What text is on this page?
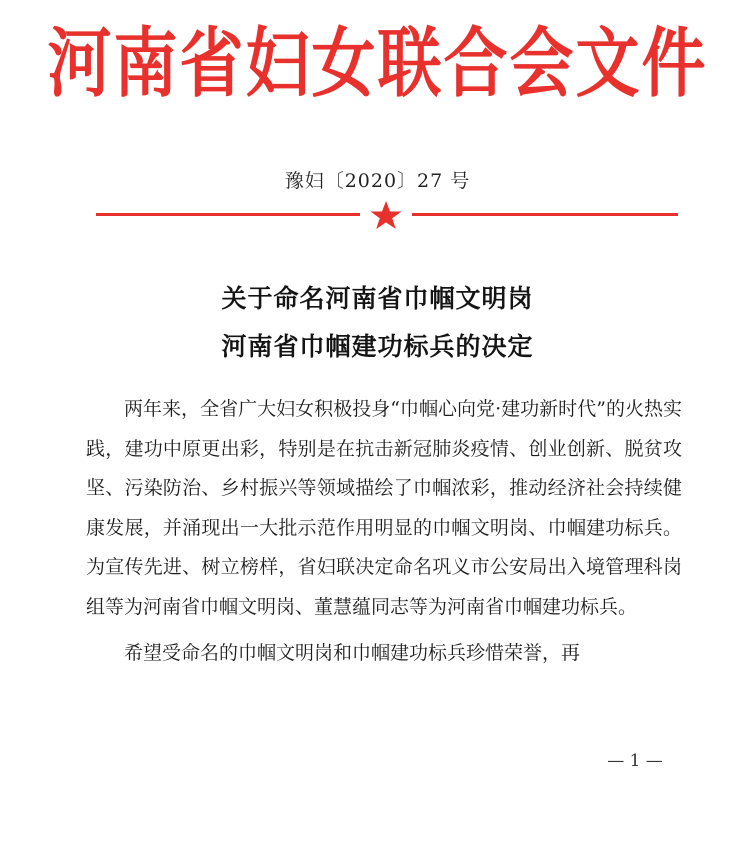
河南省妇女联合会文件
豫妇〔2020〕27 号
关于命名河南省巾帼文明岗
河南省巾帼建功标兵的决定

两年来，全省广大妇女积极投身“巾帼心向党·建功新时代”的火热实践，建功中原更出彩，特别是在抗击新冠肺炎疫情、创业创新、脱贫攻坚、污染防治、乡村振兴等领域描绘了巾帼浓彩，推动经济社会持续健康发展，并涌现出一大批示范作用明显的巾帼文明岗、巾帼建功标兵。为宣传先进、树立榜样，省妇联决定命名巩义市公安局出入境管理科岗组等为河南省巾帼文明岗、董慧蕴同志等为河南省巾帼建功标兵。

希望受命名的巾帼文明岗和巾帼建功标兵珍惜荣誉，再

— 1 —
